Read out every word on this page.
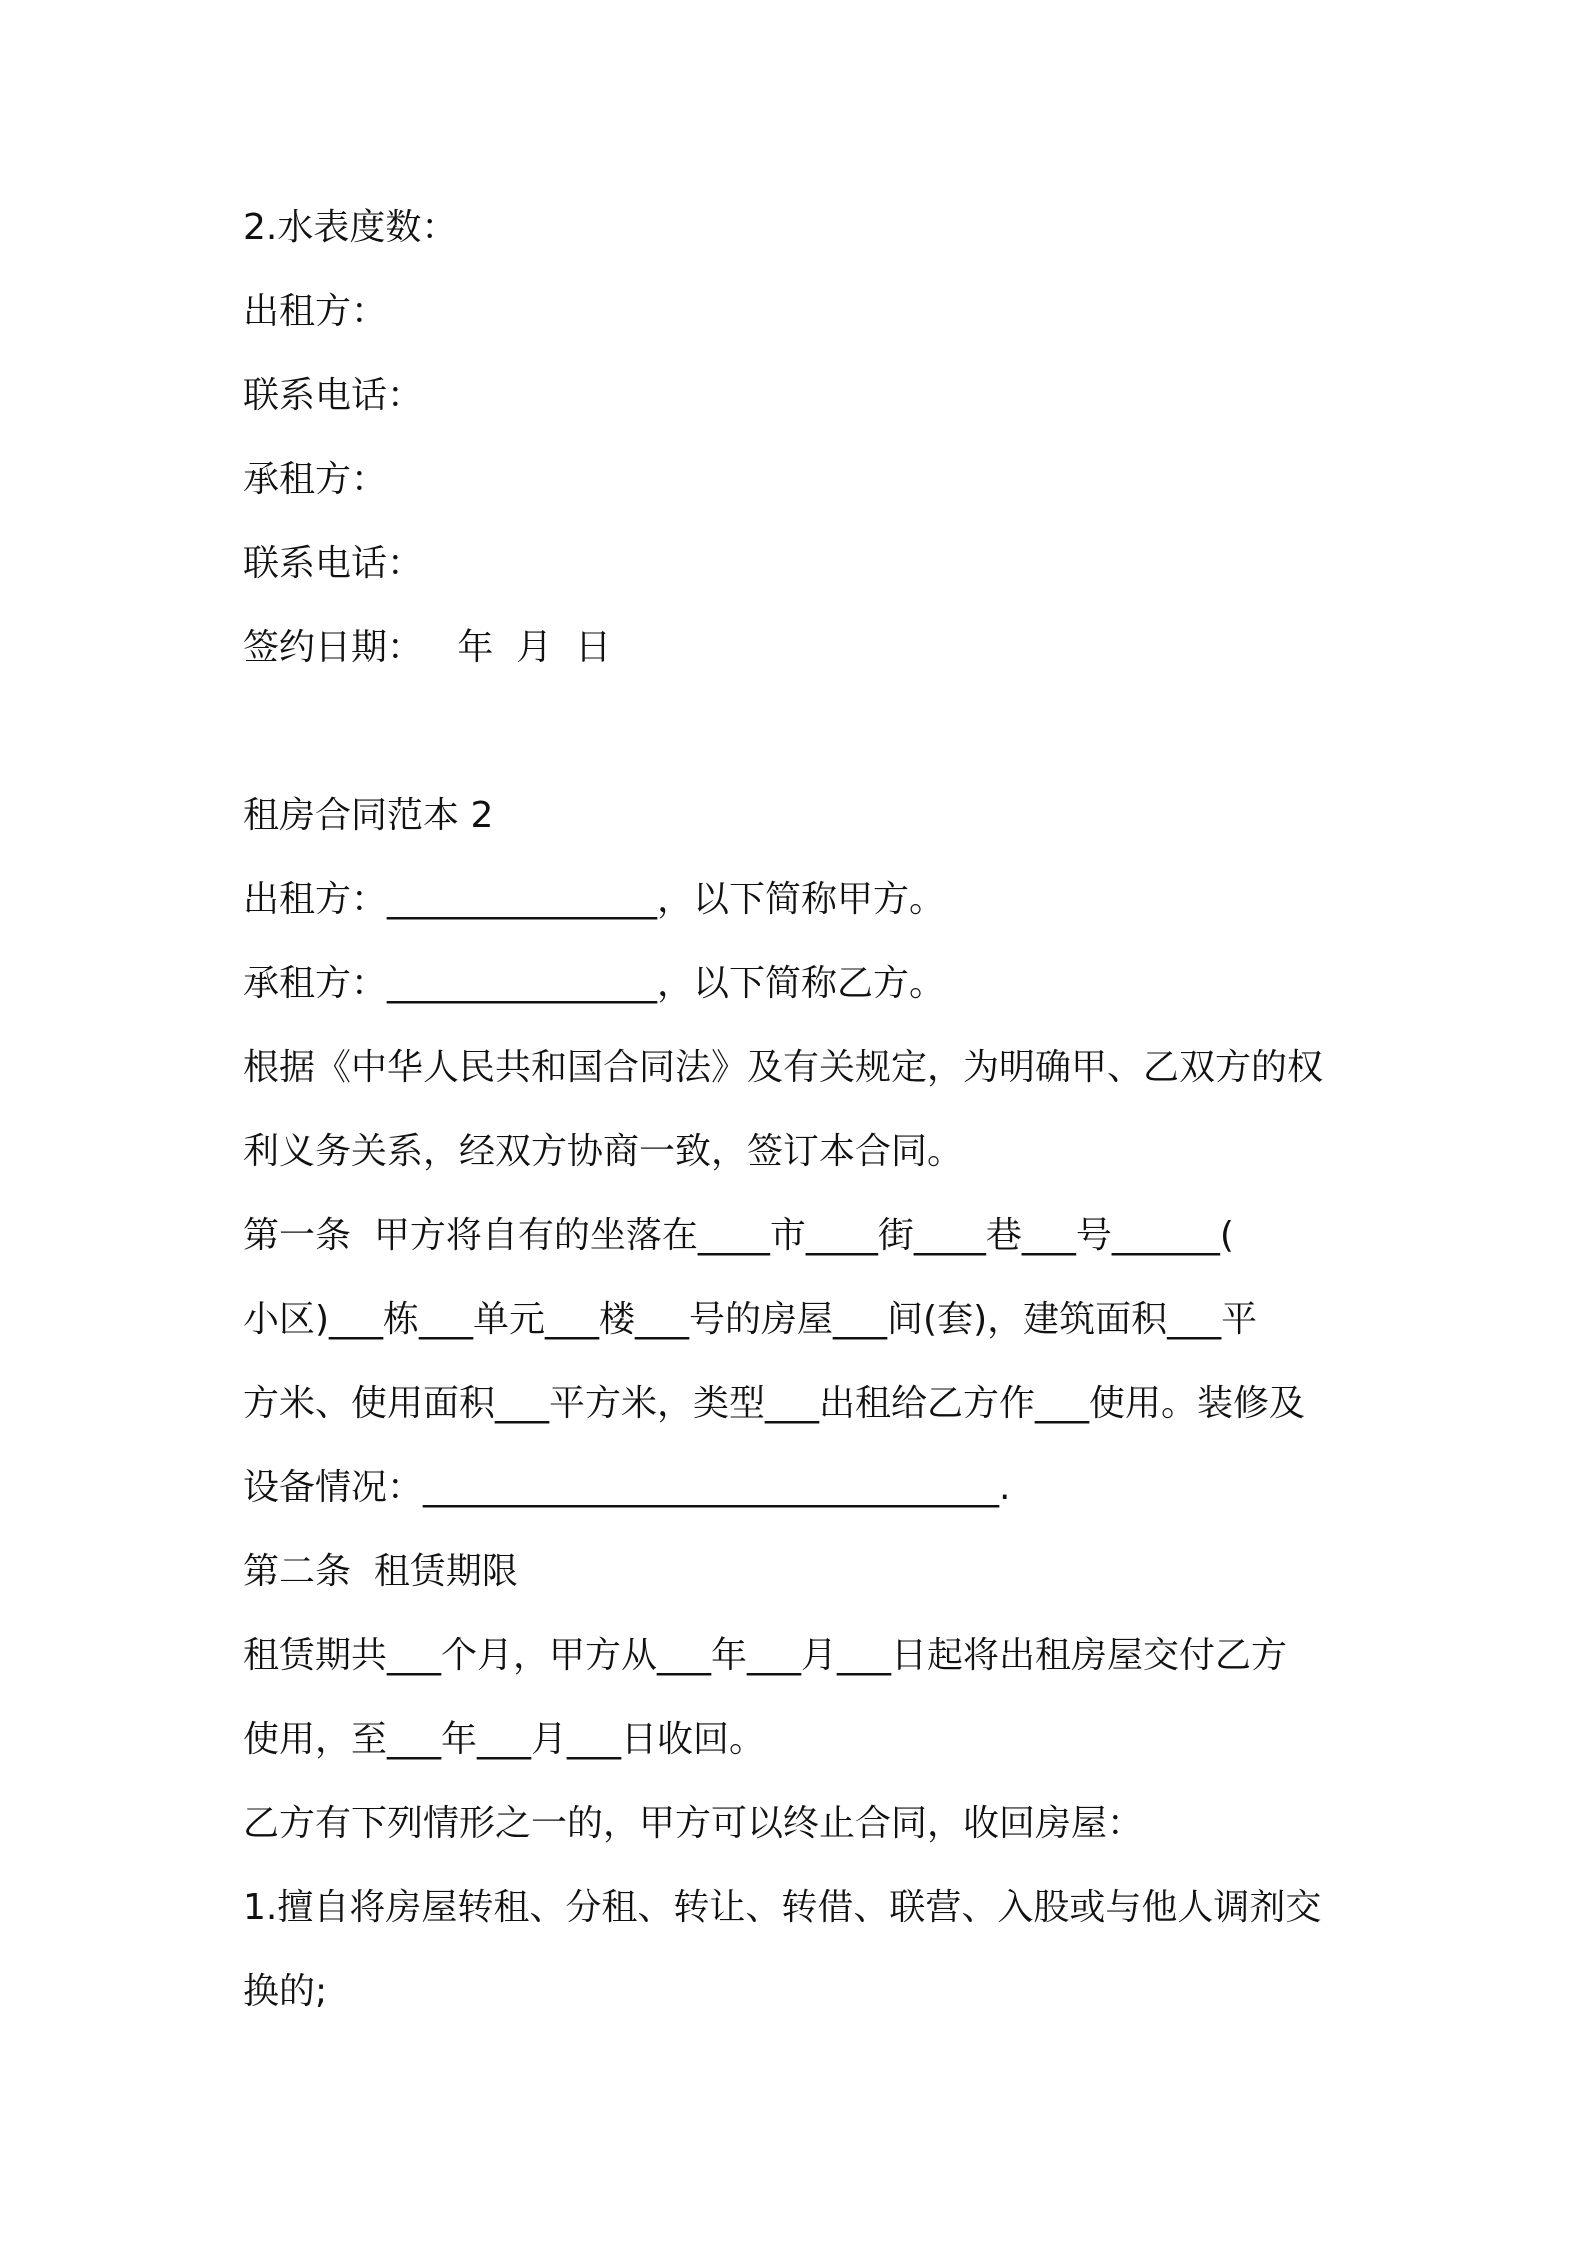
2.水表度数：
出租方：
联系电话：
承租方：
联系电话：
签约日期：   年  月  日
租房合同范本 2
出租方：_______________，以下简称甲方。
承租方：_______________，以下简称乙方。
根据《中华人民共和国合同法》及有关规定，为明确甲、乙双方的权
利义务关系，经双方协商一致，签订本合同。
第一条  甲方将自有的坐落在____市____街____巷___号______(
小区)___栋___单元___楼___号的房屋___间(套)，建筑面积___平
方米、使用面积___平方米，类型___出租给乙方作___使用。装修及
设备情况：________________________________.
第二条  租赁期限
租赁期共___个月，甲方从___年___月___日起将出租房屋交付乙方
使用，至___年___月___日收回。
乙方有下列情形之一的，甲方可以终止合同，收回房屋：
1.擅自将房屋转租、分租、转让、转借、联营、入股或与他人调剂交
换的;
